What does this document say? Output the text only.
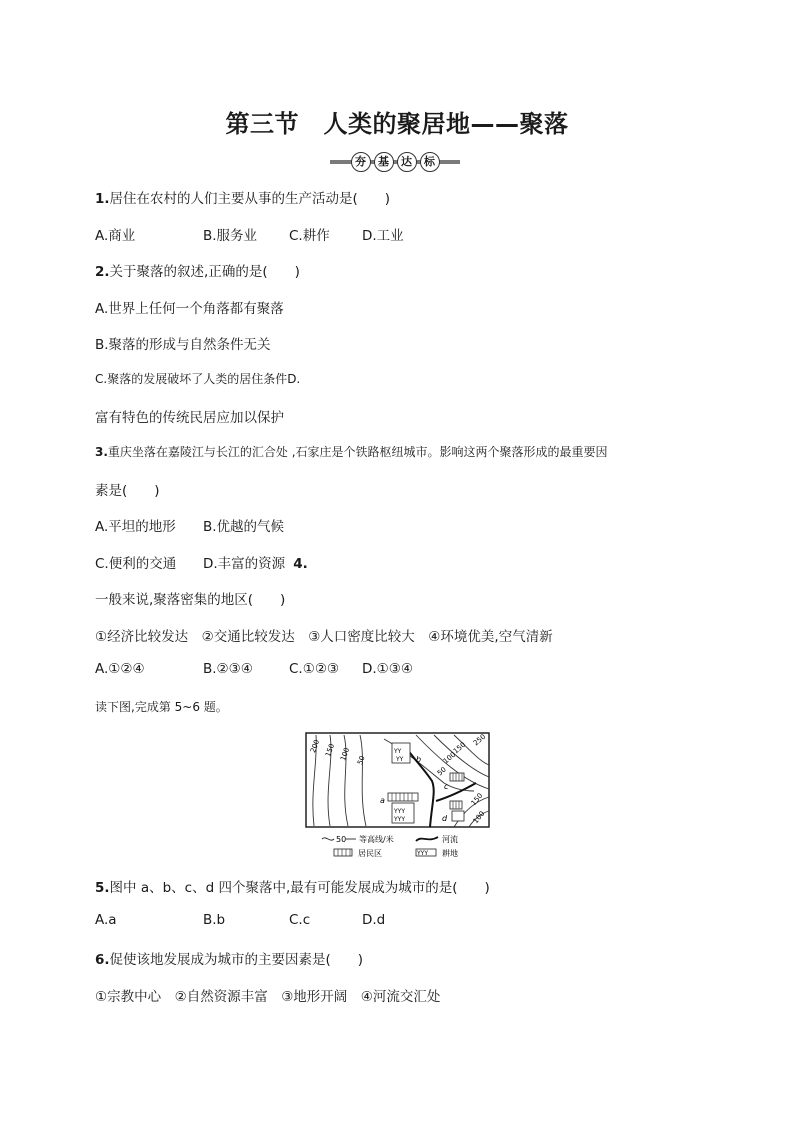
第三节　人类的聚居地——聚落
夯	基	达	标
1.居住在农村的人们主要从事的生产活动是(　　)
A.商业	B.服务业 C.耕作 D.工业
2.关于聚落的叙述,正确的是(　　)
A.世界上任何一个角落都有聚落
B.聚落的形成与自然条件无关
C.聚落的发展破坏了人类的居住条件D.
富有特色的传统民居应加以保护
3.重庆坐落在嘉陵江与长江的汇合处 ,石家庄是个铁路枢纽城市。影响这两个聚落形成的最重要因
素是(　　)
A.平坦的地形 B.优越的气候
C.便利的交通 D.丰富的资源 4.
一般来说,聚落密集的地区(　　)
①经济比较发达　②交通比较发达　③人口密度比较大　④环境优美,空气清新
A.①②④	B.②③④	C.①②③ D.①③④
读下图,完成第 5~6 题。
200 150 100 50
250
150
100
50
150
100
ΥΥ
ΥΥ b
c
ΥΥΥ
ΥΥΥ
a
d
50 等高线/米	河流
居民区	ΥΥΥ 耕地
5.图中 a、b、c、d 四个聚落中,最有可能发展成为城市的是(　　)
A.a	B.b	C.c	D.d
6.促使该地发展成为城市的主要因素是(　　)
①宗教中心　②自然资源丰富　③地形开阔　④河流交汇处
